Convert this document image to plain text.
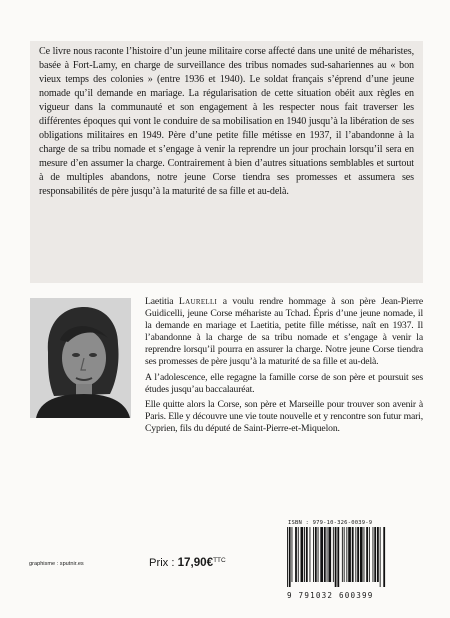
Ce livre nous raconte l’histoire d’un jeune militaire corse affecté dans une unité de méharistes, basée à Fort-Lamy, en charge de surveillance des tribus nomades sud-sahariennes au « bon vieux temps des colonies » (entre 1936 et 1940). Le soldat français s’éprend d’une jeune nomade qu’il demande en mariage. La régularisation de cette situation obéit aux règles en vigueur dans la communauté et son engagement à les respecter nous fait traverser les différentes époques qui vont le conduire de sa mobilisation en 1940 jusqu’à la libération de ses obligations militaires en 1949. Père d’une petite fille métisse en 1937, il l’abandonne à la charge de sa tribu nomade et s’engage à venir la reprendre un jour prochain lorsqu’il sera en mesure d’en assumer la charge. Contrairement à bien d’autres situations semblables et surtout à de multiples abandons, notre jeune Corse tiendra ses promesses et assumera ses responsabilités de père jusqu’à la maturité de sa fille et au-delà.

Laetitia Laurelli a voulu rendre hommage à son père Jean-Pierre Guidicelli, jeune Corse méhariste au Tchad. Épris d’une jeune nomade, il la demande en mariage et Laetitia, petite fille métisse, naît en 1937. Il l’abandonne à la charge de sa tribu nomade et s’engage à venir la reprendre lorsqu’il pourra en assurer la charge. Notre jeune Corse tiendra ses promesses de père jusqu’à la maturité de sa fille et au-delà.

A l’adolescence, elle regagne la famille corse de son père et poursuit ses études jusqu’au baccalauréat.

Elle quitte alors la Corse, son père et Marseille pour trouver son avenir à Paris. Elle y découvre une vie toute nouvelle et y rencontre son futur mari, Cyprien, fils du député de Saint-Pierre-et-Miquelon.

ISBN : 979-10-326-0039-9
9 791032 600399
Prix : 17,90€$^{TTC}$
graphisme : sputnir.es
